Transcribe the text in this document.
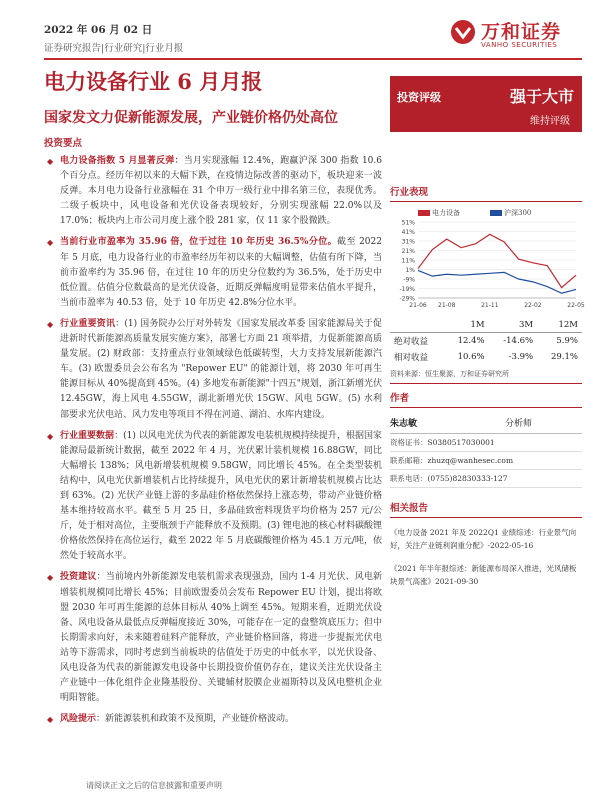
2022 年 06 月 02 日
证券研究报告|行业研究|行业月报
万和证券
VANHO SECURITIES
电力设备行业 6 月月报
国家发文力促新能源发展，产业链价格仍处高位
投资要点
投资评级	强于大市
维持评级
◆ 电力设备指数 5 月显著反弹：当月实现涨幅 12.4%，跑赢沪深 300 指数 10.6 个百分点。经历年初以来的大幅下跌，在疫情边际改善的驱动下，板块迎来一波反弹。本月电力设备行业涨幅在 31 个申万一级行业中排名第三位，表现优秀。二级子板块中，风电设备和光伏设备表现较好，分别实现涨幅 22.0%以及 17.0%；板块内上市公司月度上涨个股 281 家，仅 11 家个股微跌。
◆ 当前行业市盈率为 35.96 倍，位于过往 10 年历史 36.5%分位。截至 2022 年 5 月底，电力设备行业的市盈率经历年初以来的大幅调整，估值有所下降，当前市盈率约为 35.96 倍，在过往 10 年的历史分位数约为 36.5%，处于历史中低位置。估值分位数最高的是光伏设备，近期反弹幅度明显带来估值水平提升，当前市盈率为 40.53 倍，处于 10 年历史 42.8%分位水平。
◆ 行业重要资讯：(1) 国务院办公厅对外转发《国家发展改革委 国家能源局关于促进新时代新能源高质量发展实施方案》，部署七方面 21 项举措，力促新能源高质量发展。(2) 财政部：支持重点行业领域绿色低碳转型，大力支持发展新能源汽车。(3) 欧盟委员会公布名为 "Repower EU" 的能源计划，将 2030 年可再生能源目标从 40%提高到 45%。(4) 多地发布新能源"十四五"规划，浙江新增光伏 12.45GW，海上风电 4.55GW，湖北新增光伏 15GW、风电 5GW。(5) 水利部要求光伏电站、风力发电等项目不得在河道、湖泊、水库内建设。
◆ 行业重要数据：(1) 以风电光伏为代表的新能源发电装机规模持续提升，根据国家能源局最新统计数据，截至 2022 年 4 月，光伏累计装机规模 16.88GW，同比大幅增长 138%；风电新增装机规模 9.58GW，同比增长 45%。在全类型装机结构中，风电光伏新增装机占比持续提升，风电光伏的累计新增装机规模占比达到 63%。(2) 光伏产业链上游的多晶硅价格依然保持上涨态势，带动产业链价格基本维持较高水平。截至 5 月 25 日，多晶硅致密料现货平均价格为 257 元/公斤，处于相对高位，主要瓶颈于产能释放不及预期。(3) 锂电池的核心材料碳酸锂价格依然保持在高位运行，截至 2022 年 5 月底碳酸锂价格为 45.1 万元/吨，依然处于较高水平。
◆ 投资建议：当前境内外新能源发电装机需求表现强劲，国内 1-4 月光伏、风电新增装机规模同比增长 45%；目前欧盟委员会发布 Repower EU 计划，提出将欧盟 2030 年可再生能源的总体目标从 40%上调至 45%。短期来看，近期光伏设备、风电设备从最低点反弹幅度接近 30%，可能存在一定的盘整筑底压力；但中长期需求向好，未来随着硅料产能释放，产业链价格回落，将进一步提振光伏电站等下游需求，同时考虑到当前板块的估值处于历史的中低水平，以光伏设备、风电设备为代表的新能源发电设备中长期投资价值仍存在，建议关注光伏设备主产业链中一体化组件企业隆基股份、关键辅材胶膜企业福斯特以及风电整机企业明阳智能。
◆ 风险提示：新能源装机和政策不及预期，产业链价格波动。
行业表现
电力设备	沪深300
51%
41%
31%
21%
11%
1%
-9%
-19%
-29%
21-06 21-08	21-11	22-02	22-05
	1M	3M	12M
绝对收益	12.4%	-14.6%	5.9%
相对收益	10.6%	-3.9%	29.1%
资料来源：恒生聚源，万和证券研究所
作者
朱志敏	分析师
资格证书：S0380517030001
联系邮箱：zhuzq@wanhesec.com
联系电话：(0755)82830333-127
相关报告
《电力设备 2021 年及 2022Q1 业绩综述：行业景气向好，关注产业链利润重分配》-2022-05-16
《2021 年半年报综述：新能源布局深入推进，光风储板块景气高涨》2021-09-30
请阅读正文之后的信息披露和重要声明
